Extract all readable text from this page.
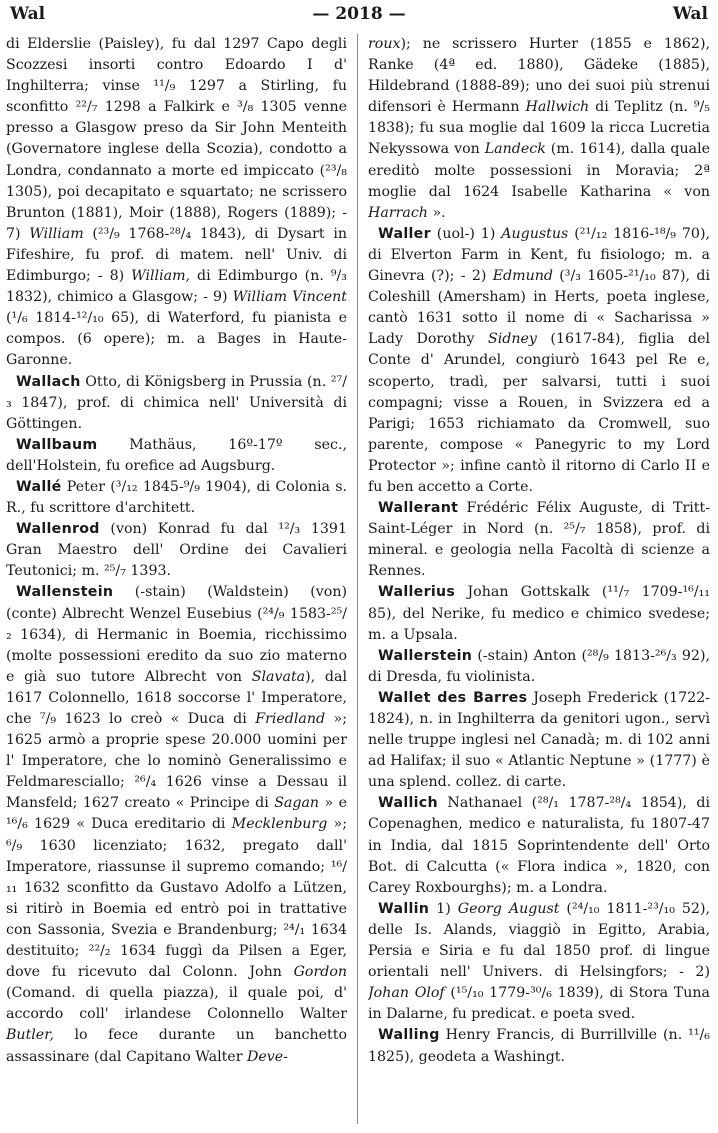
Wal	— 2018 —	Wal

di Elderslie (Paisley), fu dal 1297 Capo degli Scozzesi insorti contro Edoardo I d' Inghilterra; vinse ¹¹/₉ 1297 a Stirling, fu sconfitto ²²/₇ 1298 a Falkirk e ³/₈ 1305 venne presso a Glasgow preso da Sir John Menteith (Governatore inglese della Scozia), condotto a Londra, condannato a morte ed impiccato (²³/₈ 1305), poi decapitato e squartato; ne scrissero Brunton (1881), Moir (1888), Rogers (1889); - 7) William (²³/₉ 1768-²⁸/₄ 1843), di Dysart in Fifeshire, fu prof. di matem. nell' Univ. di Edimburgo; - 8) William, di Edimburgo (n. ⁹/₃ 1832), chimico a Glasgow; - 9) William Vincent (¹/₆ 1814-¹²/₁₀ 65), di Waterford, fu pianista e compos. (6 opere); m. a Bages in Haute-Garonne.

Wallach Otto, di Königsberg in Prussia (n. ²⁷/₃ 1847), prof. di chimica nell' Università di Göttingen.

Wallbaum Mathäus, 16º-17º sec., dell'Holstein, fu orefice ad Augsburg.

Wallé Peter (³/₁₂ 1845-⁹/₉ 1904), di Colonia s. R., fu scrittore d'architett.

Wallenrod (von) Konrad fu dal ¹²/₃ 1391 Gran Maestro dell' Ordine dei Cavalieri Teutonici; m. ²⁵/₇ 1393.

Wallenstein (-stain) (Waldstein) (von) (conte) Albrecht Wenzel Eusebius (²⁴/₉ 1583-²⁵/₂ 1634), di Hermanic in Boemia, ricchissimo (molte possessioni eredito da suo zio materno e già suo tutore Albrecht von Slavata), dal 1617 Colonnello, 1618 soccorse l' Imperatore, che ⁷/₉ 1623 lo creò « Duca di Friedland »; 1625 armò a proprie spese 20.000 uomini per l' Imperatore, che lo nominò Generalissimo e Feldmaresciallo; ²⁶/₄ 1626 vinse a Dessau il Mansfeld; 1627 creato « Principe di Sagan » e ¹⁶/₆ 1629 « Duca ereditario di Mecklenburg »; ⁶/₉ 1630 licenziato; 1632, pregato dall' Imperatore, riassunse il supremo comando; ¹⁶/₁₁ 1632 sconfitto da Gustavo Adolfo a Lützen, si ritirò in Boemia ed entrò poi in trattative con Sassonia, Svezia e Brandenburg; ²⁴/₁ 1634 destituito; ²²/₂ 1634 fuggì da Pilsen a Eger, dove fu ricevuto dal Colonn. John Gordon (Comand. di quella piazza), il quale poi, d' accordo coll' irlandese Colonnello Walter Butler, lo fece durante un banchetto assassinare (dal Capitano Walter Deve-

roux); ne scrissero Hurter (1855 e 1862), Ranke (4ª ed. 1880), Gädeke (1885), Hildebrand (1888-89); uno dei suoi più strenui difensori è Hermann Hallwich di Teplitz (n. ⁹/₅ 1838); fu sua moglie dal 1609 la ricca Lucretia Nekyssowa von Landeck (m. 1614), dalla quale ereditò molte possessioni in Moravia; 2ª moglie dal 1624 Isabelle Katharina « von Harrach ».

Waller (uol-) 1) Augustus (²¹/₁₂ 1816-¹⁸/₉ 70), di Elverton Farm in Kent, fu fisiologo; m. a Ginevra (?); - 2) Edmund (³/₃ 1605-²¹/₁₀ 87), di Coleshill (Amersham) in Herts, poeta inglese, cantò 1631 sotto il nome di « Sacharissa » Lady Dorothy Sidney (1617-84), figlia del Conte d' Arundel, congiurò 1643 pel Re e, scoperto, tradì, per salvarsi, tutti i suoi compagni; visse a Rouen, in Svizzera ed a Parigi; 1653 richiamato da Cromwell, suo parente, compose « Panegyric to my Lord Protector »; infine cantò il ritorno di Carlo II e fu ben accetto a Corte.

Wallerant Frédéric Félix Auguste, di Tritt-Saint-Léger in Nord (n. ²⁵/₇ 1858), prof. di mineral. e geologia nella Facoltà di scienze a Rennes.

Wallerius Johan Gottskalk (¹¹/₇ 1709-¹⁶/₁₁ 85), del Nerike, fu medico e chimico svedese; m. a Upsala.

Wallerstein (-stain) Anton (²⁸/₉ 1813-²⁶/₃ 92), di Dresda, fu violinista.

Wallet des Barres Joseph Frederick (1722-1824), n. in Inghilterra da genitori ugon., servì nelle truppe inglesi nel Canadà; m. di 102 anni ad Halifax; il suo « Atlantic Neptune » (1777) è una splend. collez. di carte.

Wallich Nathanael (²⁸/₁ 1787-²⁸/₄ 1854), di Copenaghen, medico e naturalista, fu 1807-47 in India, dal 1815 Soprintendente dell' Orto Bot. di Calcutta (« Flora indica », 1820, con Carey Roxbourghs); m. a Londra.

Wallin 1) Georg August (²⁴/₁₀ 1811-²³/₁₀ 52), delle Is. Alands, viaggiò in Egitto, Arabia, Persia e Siria e fu dal 1850 prof. di lingue orientali nell' Univers. di Helsingfors; - 2) Johan Olof (¹⁵/₁₀ 1779-³⁰/₆ 1839), di Stora Tuna in Dalarne, fu predicat. e poeta sved.

Walling Henry Francis, di Burrillville (n. ¹¹/₆ 1825), geodeta a Washingt.
